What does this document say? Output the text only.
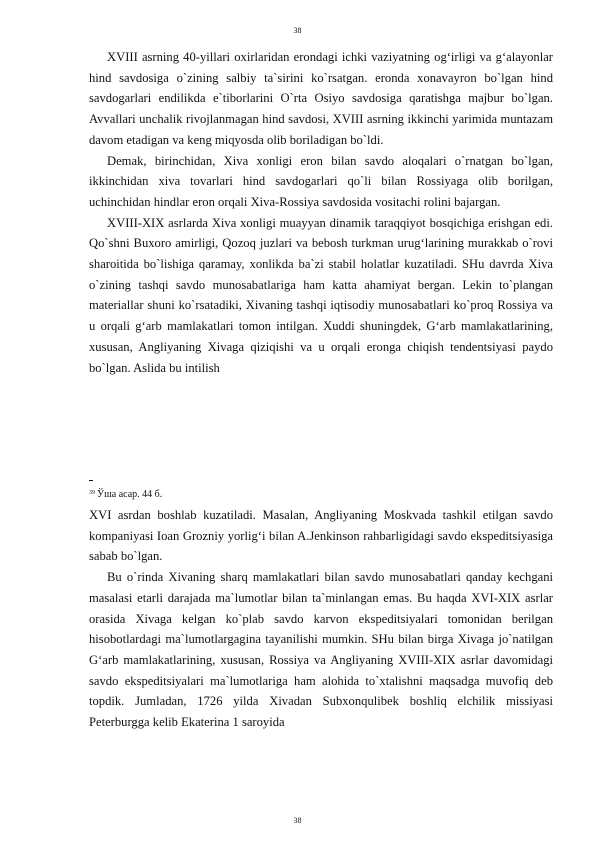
38

XVIII asrning 40-yillari oxirlaridan erondagi ichki vaziyatning og‘irligi va g‘alayonlar hind savdosiga o`zining salbiy ta`sirini ko`rsatgan. eronda xonavayron bo`lgan hind savdogarlari endilikda e`tiborlarini O`rta Osiyo savdosiga qaratishga majbur bo`lgan. Avvallari unchalik rivojlanmagan hind savdosi, XVIII asrning ikkinchi yarimida muntazam davom etadigan va keng miqyosda olib boriladigan bo`ldi.

Demak, birinchidan, Xiva xonligi eron bilan savdo aloqalari o`rnatgan bo`lgan, ikkinchidan xiva tovarlari hind savdogarlari qo`li bilan Rossiyaga olib borilgan, uchinchidan hindlar eron orqali Xiva-Rossiya savdosida vositachi rolini bajargan.

XVIII-XIX asrlarda Xiva xonligi muayyan dinamik taraqqiyot bosqichiga erishgan edi. Qo`shni Buxoro amirligi, Qozoq juzlari va bebosh turkman urug‘larining murakkab o`rovi sharoitida bo`lishiga qaramay, xonlikda ba`zi stabil holatlar kuzatiladi. SHu davrda Xiva o`zining tashqi savdo munosabatlariga ham katta ahamiyat bergan. Lekin to`plangan materiallar shuni ko`rsatadiki, Xivaning tashqi iqtisodiy munosabatlari ko`proq Rossiya va u orqali g‘arb mamlakatlari tomon intilgan. Xuddi shuningdek, G‘arb mamlakatlarining, xususan, Angliyaning Xivaga qiziqishi va u orqali eronga chiqish tendentsiyasi paydo bo`lgan. Aslida bu intilish

$^{39}$ Ўша асар. 44 б.

XVI asrdan boshlab kuzatiladi. Masalan, Angliyaning Moskvada tashkil etilgan savdo kompaniyasi Ioan Grozniy yorlig‘i bilan A.Jenkinson rahbarligidagi savdo ekspeditsiyasiga sabab bo`lgan.

Bu o`rinda Xivaning sharq mamlakatlari bilan savdo munosabatlari qanday kechgani masalasi etarli darajada ma`lumotlar bilan ta`minlangan emas. Bu haqda XVI-XIX asrlar orasida Xivaga kelgan ko`plab savdo karvon ekspeditsiyalari tomonidan berilgan hisobotlardagi ma`lumotlargagina tayanilishi mumkin. SHu bilan birga Xivaga jo`natilgan G‘arb mamlakatlarining, xususan, Rossiya va Angliyaning XVIII-XIX asrlar davomidagi savdo ekspeditsiyalari ma`lumotlariga ham alohida to`xtalishni maqsadga muvofiq deb topdik. Jumladan, 1726 yilda Xivadan Subxonqulibek boshliq elchilik missiyasi Peterburgga kelib Ekaterina 1 saroyida

38
